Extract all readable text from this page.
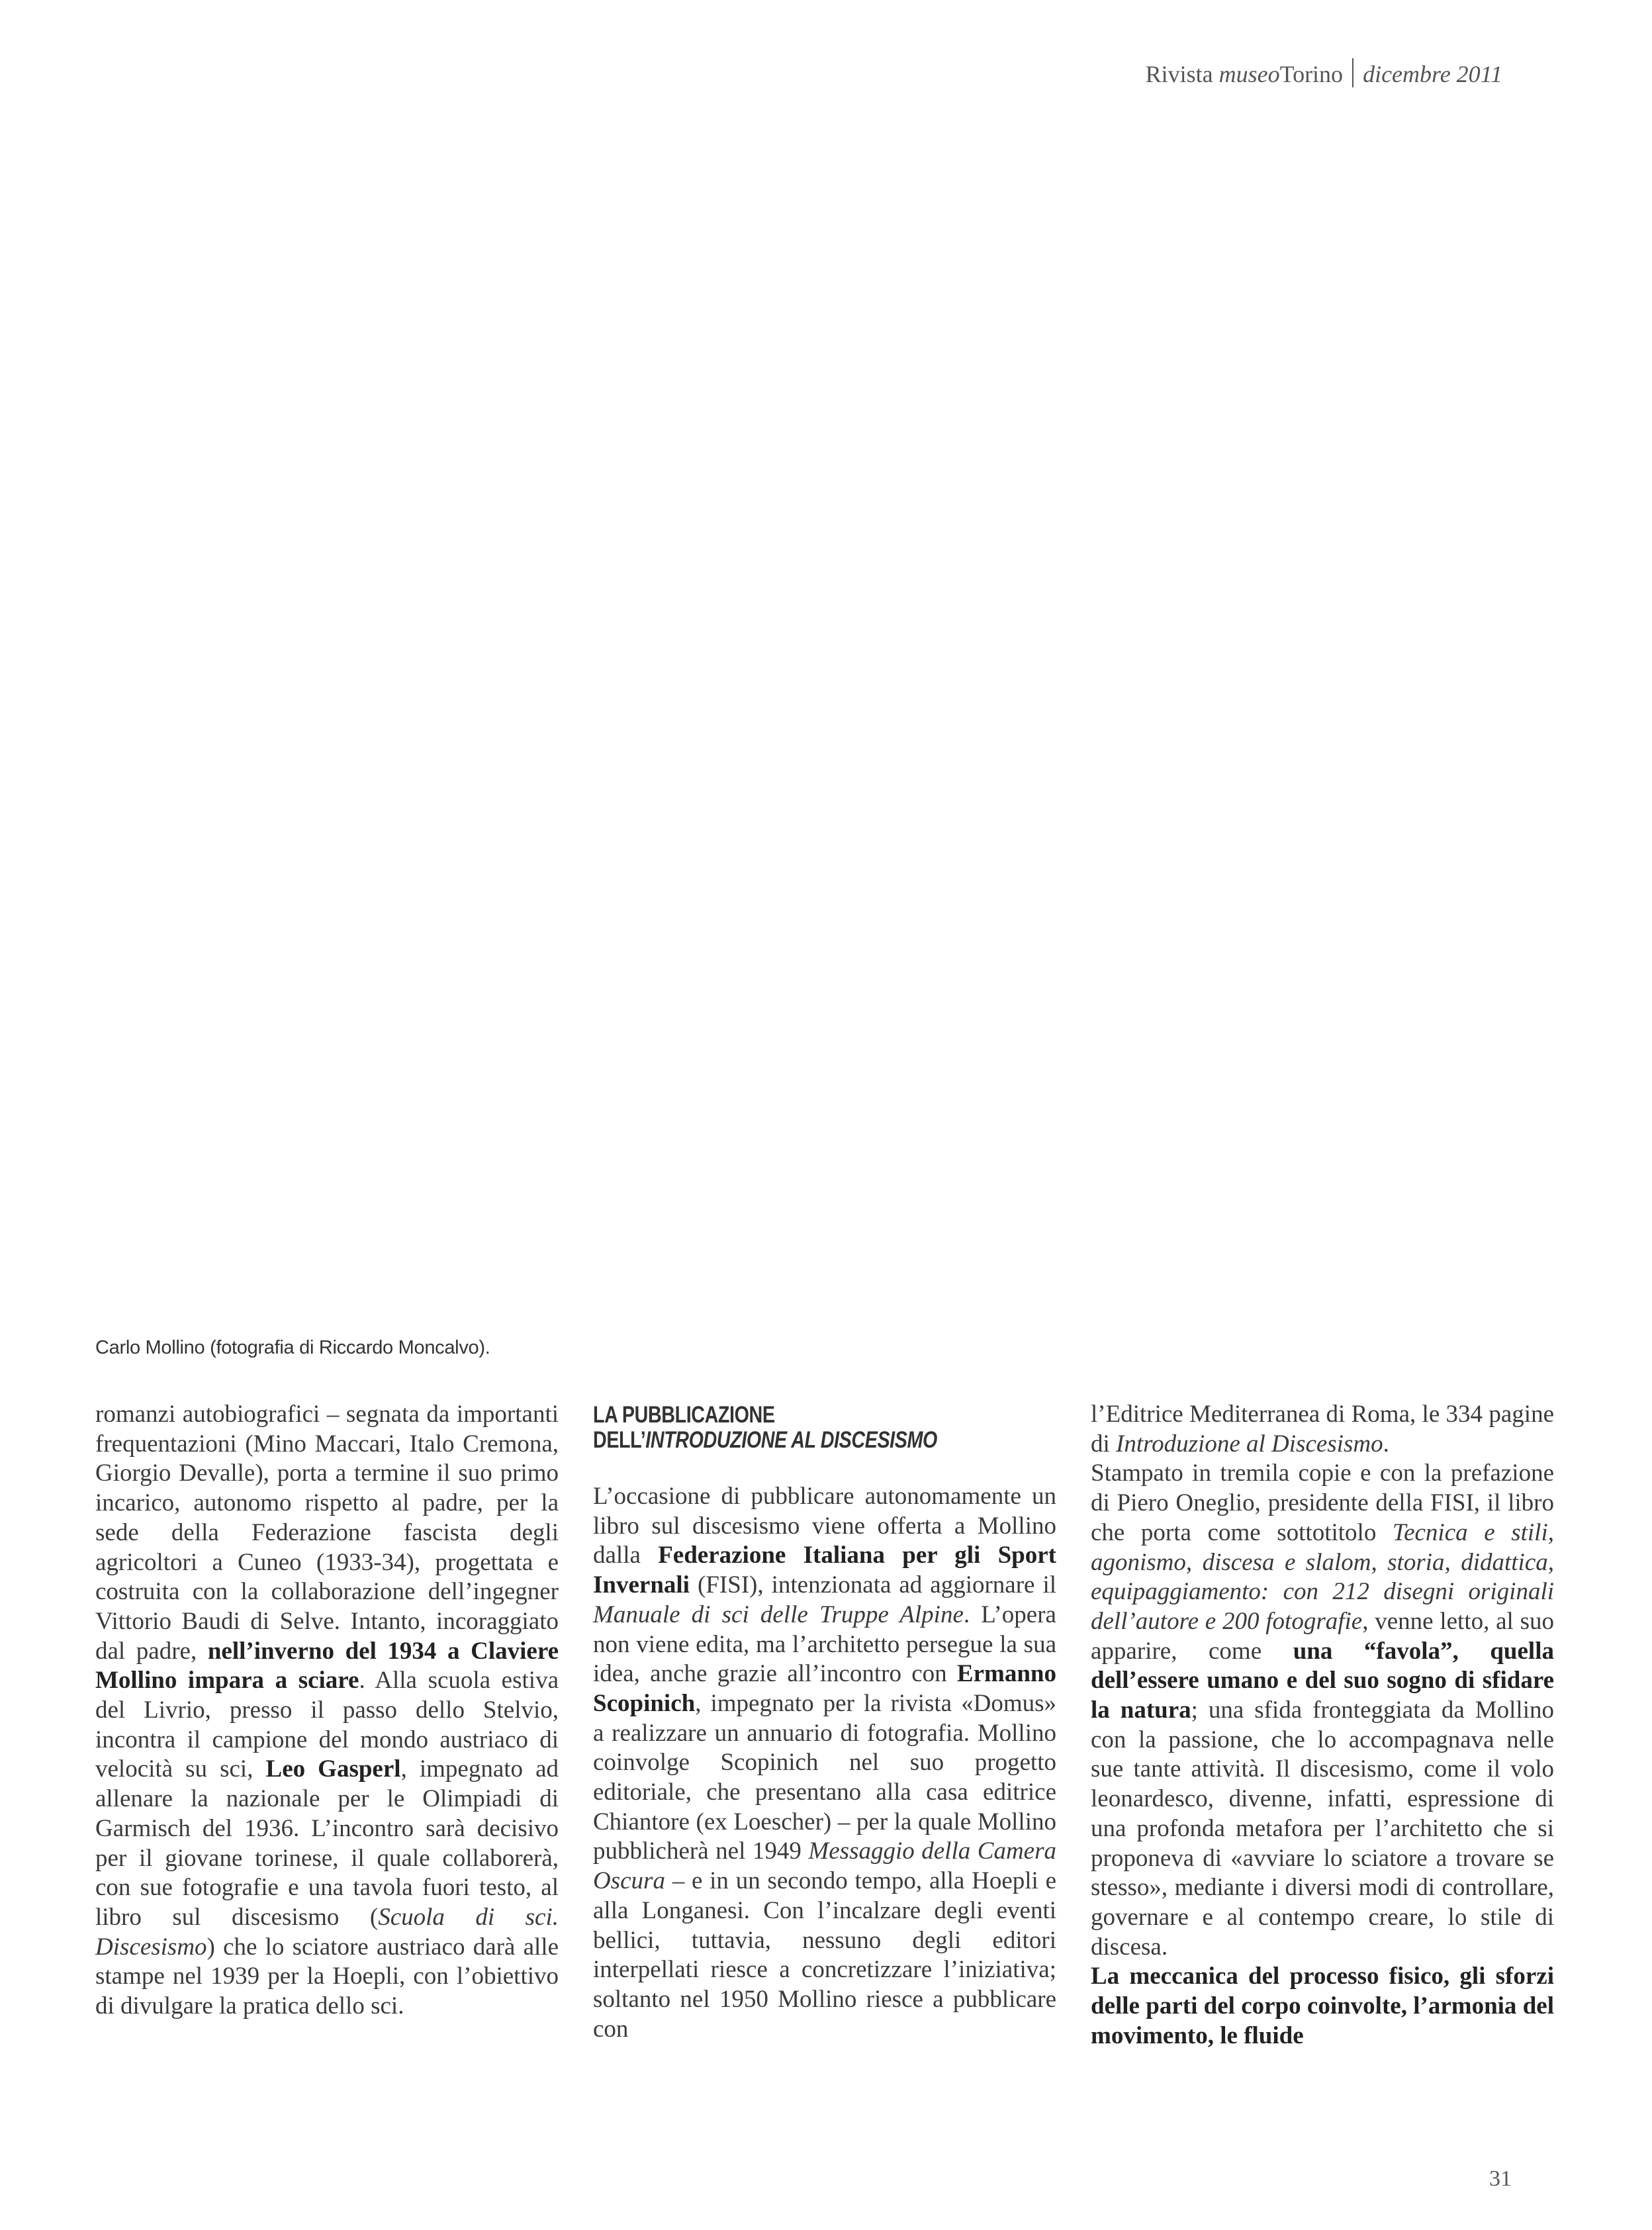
Rivista museoTorino dicembre 2011
Carlo Mollino (fotografia di Riccardo Moncalvo).

romanzi autobiografici – segnata da importanti frequentazioni (Mino Maccari, Italo Cremona, Giorgio Devalle), porta a termine il suo primo incarico, autonomo rispetto al padre, per la sede della Federazione fascista degli agricoltori a Cuneo (1933-34), progettata e costruita con la collaborazione dell’ingegner Vittorio Baudi di Selve. Intanto, incoraggiato dal padre, nell’inverno del 1934 a Claviere Mollino impara a sciare. Alla scuola estiva del Livrio, presso il passo dello Stelvio, incontra il campione del mondo austriaco di velocità su sci, Leo Gasperl, impegnato ad allenare la nazionale per le Olimpiadi di Garmisch del 1936. L’incontro sarà decisivo per il giovane torinese, il quale collaborerà, con sue fotografie e una tavola fuori testo, al libro sul discesismo (Scuola di sci. Discesismo) che lo sciatore austriaco darà alle stampe nel 1939 per la Hoepli, con l’obiettivo di divulgare la pratica dello sci.

LA PUBBLICAZIONE
DELL’INTRODUZIONE AL DISCESISMO

L’occasione di pubblicare autonomamente un libro sul discesismo viene offerta a Mollino dalla Federazione Italiana per gli Sport Invernali (FISI), intenzionata ad aggiornare il Manuale di sci delle Truppe Alpine. L’opera non viene edita, ma l’architetto persegue la sua idea, anche grazie all’incontro con Ermanno Scopinich, impegnato per la rivista «Domus» a realizzare un annuario di fotografia. Mollino coinvolge Scopinich nel suo progetto editoriale, che presentano alla casa editrice Chiantore (ex Loescher) – per la quale Mollino pubblicherà nel 1949 Messaggio della Camera Oscura – e in un secondo tempo, alla Hoepli e alla Longanesi. Con l’incalzare degli eventi bellici, tuttavia, nessuno degli editori interpellati riesce a concretizzare l’iniziativa; soltanto nel 1950 Mollino riesce a pubblicare con

l’Editrice Mediterranea di Roma, le 334 pagine di Introduzione al Discesismo.

Stampato in tremila copie e con la prefazione di Piero Oneglio, presidente della FISI, il libro che porta come sottotitolo Tecnica e stili, agonismo, discesa e slalom, storia, didattica, equipaggiamento: con 212 disegni originali dell’autore e 200 fotografie, venne letto, al suo apparire, come una “favola”, quella dell’essere umano e del suo sogno di sfidare la natura; una sfida fronteggiata da Mollino con la passione, che lo accompagnava nelle sue tante attività. Il discesismo, come il volo leonardesco, divenne, infatti, espressione di una profonda metafora per l’architetto che si proponeva di «avviare lo sciatore a trovare se stesso», mediante i diversi modi di controllare, governare e al contempo creare, lo stile di discesa.

La meccanica del processo fisico, gli sforzi delle parti del corpo coinvolte, l’armonia del movimento, le fluide

31
